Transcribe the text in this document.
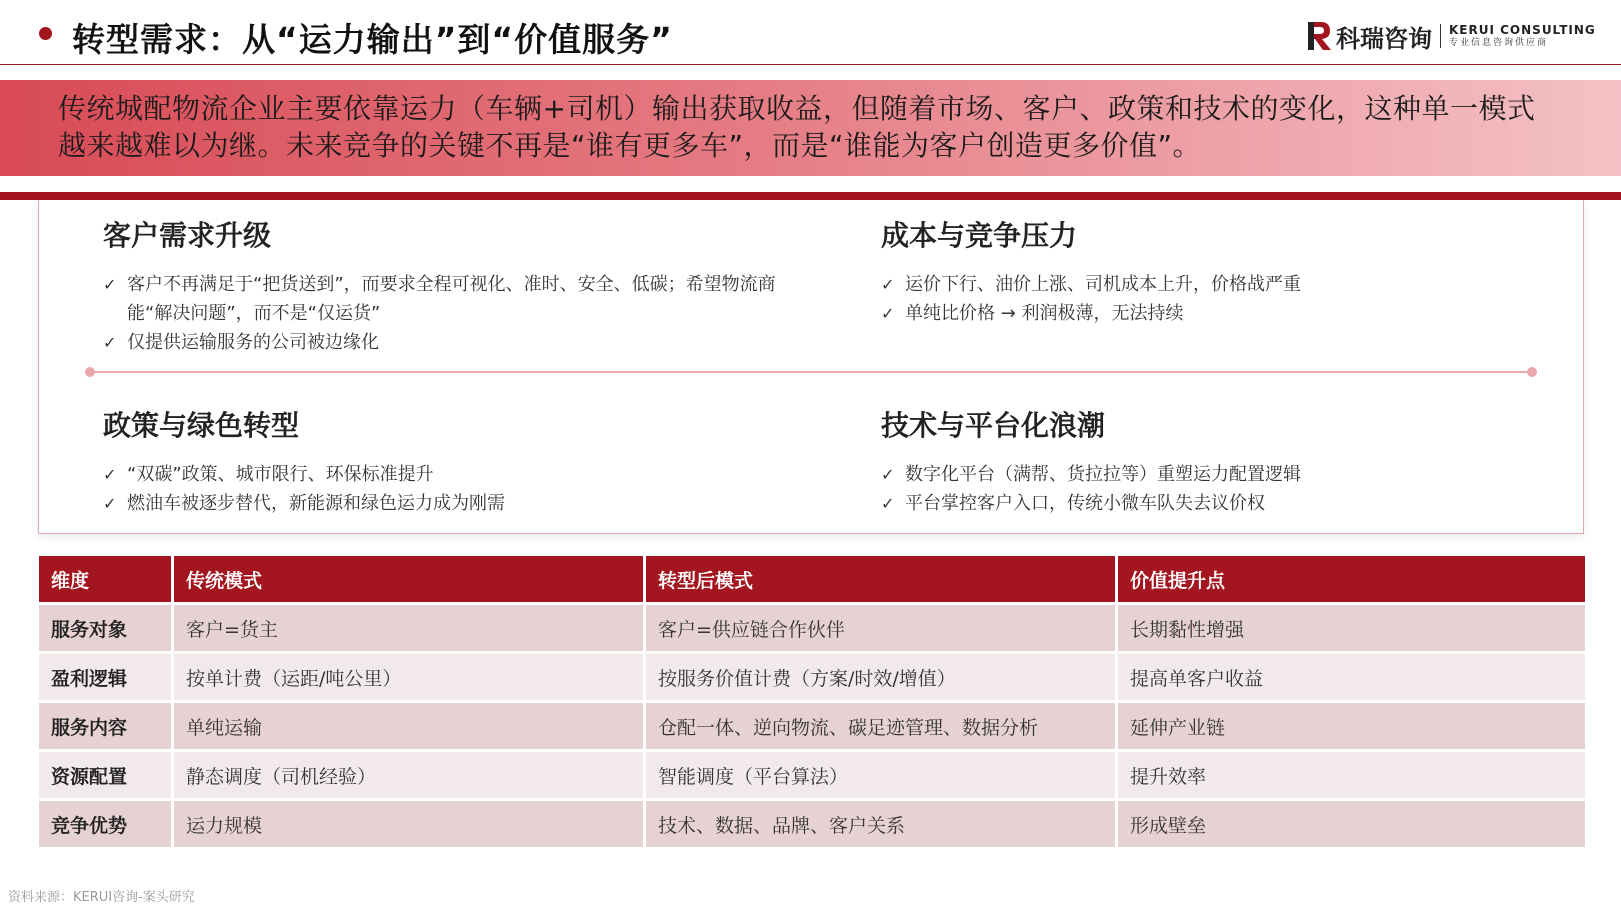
转型需求：从“运力输出”到“价值服务”	科瑞咨询 KERUI CONSULTING
专业信息咨询供应商
传统城配物流企业主要依靠运力（车辆+司机）输出获取收益，但随着市场、客户、政策和技术的变化，这种单一模式越来越难以为继。未来竞争的关键不再是“谁有更多车”，而是“谁能为客户创造更多价值”。
客户需求升级
✓ 客户不再满足于“把货送到”，而要求全程可视化、准时、安全、低碳；希望物流商能“解决问题”，而不是“仅运货”
✓ 仅提供运输服务的公司被边缘化
成本与竞争压力
✓ 运价下行、油价上涨、司机成本上升，价格战严重
✓ 单纯比价格 → 利润极薄，无法持续
政策与绿色转型
✓ “双碳”政策、城市限行、环保标准提升
✓ 燃油车被逐步替代，新能源和绿色运力成为刚需
技术与平台化浪潮
✓ 数字化平台（满帮、货拉拉等）重塑运力配置逻辑
✓ 平台掌控客户入口，传统小微车队失去议价权
维度	传统模式	转型后模式	价值提升点
服务对象	客户=货主	客户=供应链合作伙伴	长期黏性增强
盈利逻辑	按单计费（运距/吨公里）	按服务价值计费（方案/时效/增值）	提高单客户收益
服务内容	单纯运输	仓配一体、逆向物流、碳足迹管理、数据分析	延伸产业链
资源配置	静态调度（司机经验）	智能调度（平台算法）	提升效率
竞争优势	运力规模	技术、数据、品牌、客户关系	形成壁垒
资料来源：KERUI咨询-案头研究
